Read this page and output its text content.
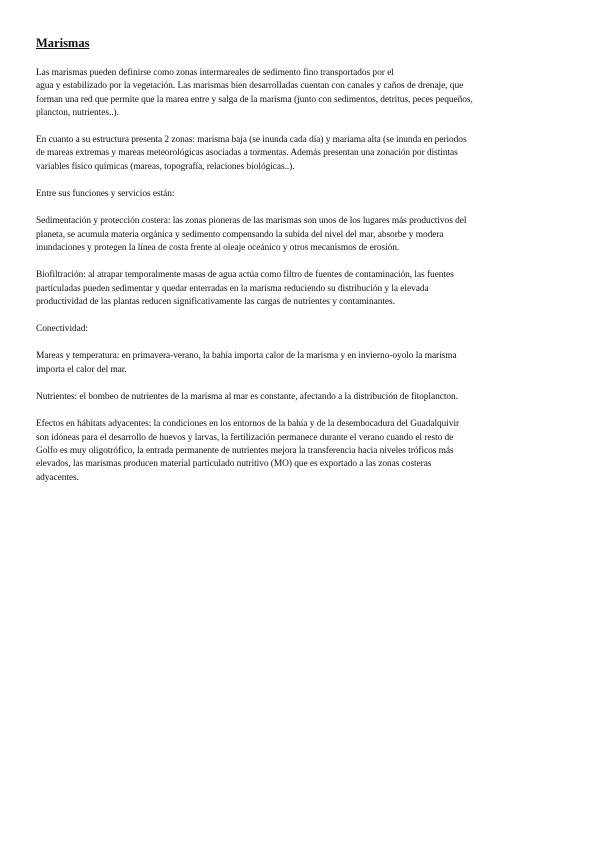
Marismas

Las marismas pueden definirse como zonas intermareales de sedimento fino transportados por el
agua y estabilizado por la vegetación. Las marismas bien desarrolladas cuentan con canales y caños de drenaje, que
forman una red que permite que la marea entre y salga de la marisma (junto con sedimentos, detritus, peces pequeños,
plancton, nutrientes..).

En cuanto a su estructura presenta 2 zonas: marisma baja (se inunda cada día) y mariama alta (se inunda en periodos
de mareas extremas y mareas meteorológicas asociadas a tormentas. Además presentan una zonación por distintas
variables físico químicas (mareas, topografía, relaciones biológicas..).

Entre sus funciones y servicios están:

Sedimentación y protección costera: las zonas pioneras de las marismas son unos de los lugares más productivos del
planeta, se acumula materia orgánica y sedimento compensando la subida del nivel del mar, absorbe y modera
inundaciones y protegen la línea de costa frente al oleaje oceánico y otros mecanismos de erosión.

Biofiltración: al atrapar temporalmente masas de agua actúa como filtro de fuentes de contaminación, las fuentes
particuladas pueden sedimentar y quedar enterradas en la marisma reduciendo su distribución y la elevada
productividad de las plantas reducen significativamente las cargas de nutrientes y contaminantes.

Conectividad:

Mareas y temperatura: en primavera-verano, la bahía importa calor de la marisma y en invierno-oyolo la marisma
importa el calor del mar.

Nutrientes: el bombeo de nutrientes de la marisma al mar es constante, afectando a la distribución de fitoplancton.

Efectos en hábitats adyacentes: la condiciones en los entornos de la bahía y de la desembocadura del Guadalquivir
son idóneas para el desarrollo de huevos y larvas, la fertilización permanece durante el verano cuando el resto de
Golfo es muy oligotrófico, la entrada permanente de nutrientes mejora la transferencia hacia niveles tróficos más
elevados, las marismas producen material particulado nutritivo (MO) que es exportado a las zonas costeras
adyacentes.
